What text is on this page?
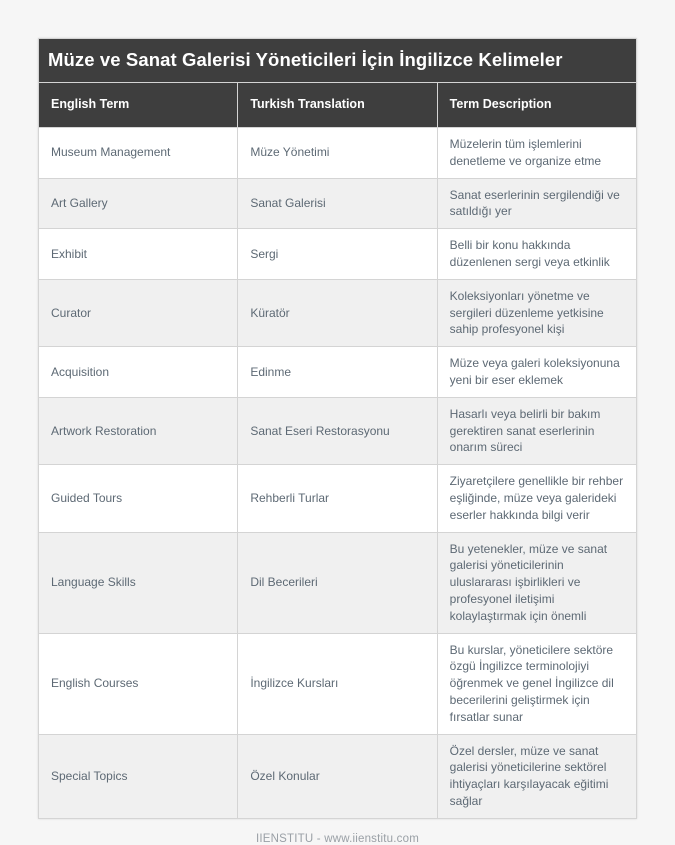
Müze ve Sanat Galerisi Yöneticileri İçin İngilizce Kelimeler		
English Term	Turkish Translation	Term Description
Museum Management	Müze Yönetimi	Müzelerin tüm işlemlerini denetleme ve organize etme
Art Gallery	Sanat Galerisi	Sanat eserlerinin sergilendiği ve satıldığı yer
Exhibit	Sergi	Belli bir konu hakkında düzenlenen sergi veya etkinlik
Curator	Küratör	Koleksiyonları yönetme ve sergileri düzenleme yetkisine sahip profesyonel kişi
Acquisition	Edinme	Müze veya galeri koleksiyonuna yeni bir eser eklemek
Artwork Restoration	Sanat Eseri Restorasyonu	Hasarlı veya belirli bir bakım gerektiren sanat eserlerinin onarım süreci
Guided Tours	Rehberli Turlar	Ziyaretçilere genellikle bir rehber eşliğinde, müze veya galerideki eserler hakkında bilgi verir
Language Skills	Dil Becerileri	Bu yetenekler, müze ve sanat galerisi yöneticilerinin uluslararası işbirlikleri ve profesyonel iletişimi kolaylaştırmak için önemli
English Courses	İngilizce Kursları	Bu kurslar, yöneticilere sektöre özgü İngilizce terminolojiyi öğrenmek ve genel İngilizce dil becerilerini geliştirmek için fırsatlar sunar
Special Topics	Özel Konular	Özel dersler, müze ve sanat galerisi yöneticilerine sektörel ihtiyaçları karşılayacak eğitimi sağlar
IIENSTITU - www.iienstitu.com
